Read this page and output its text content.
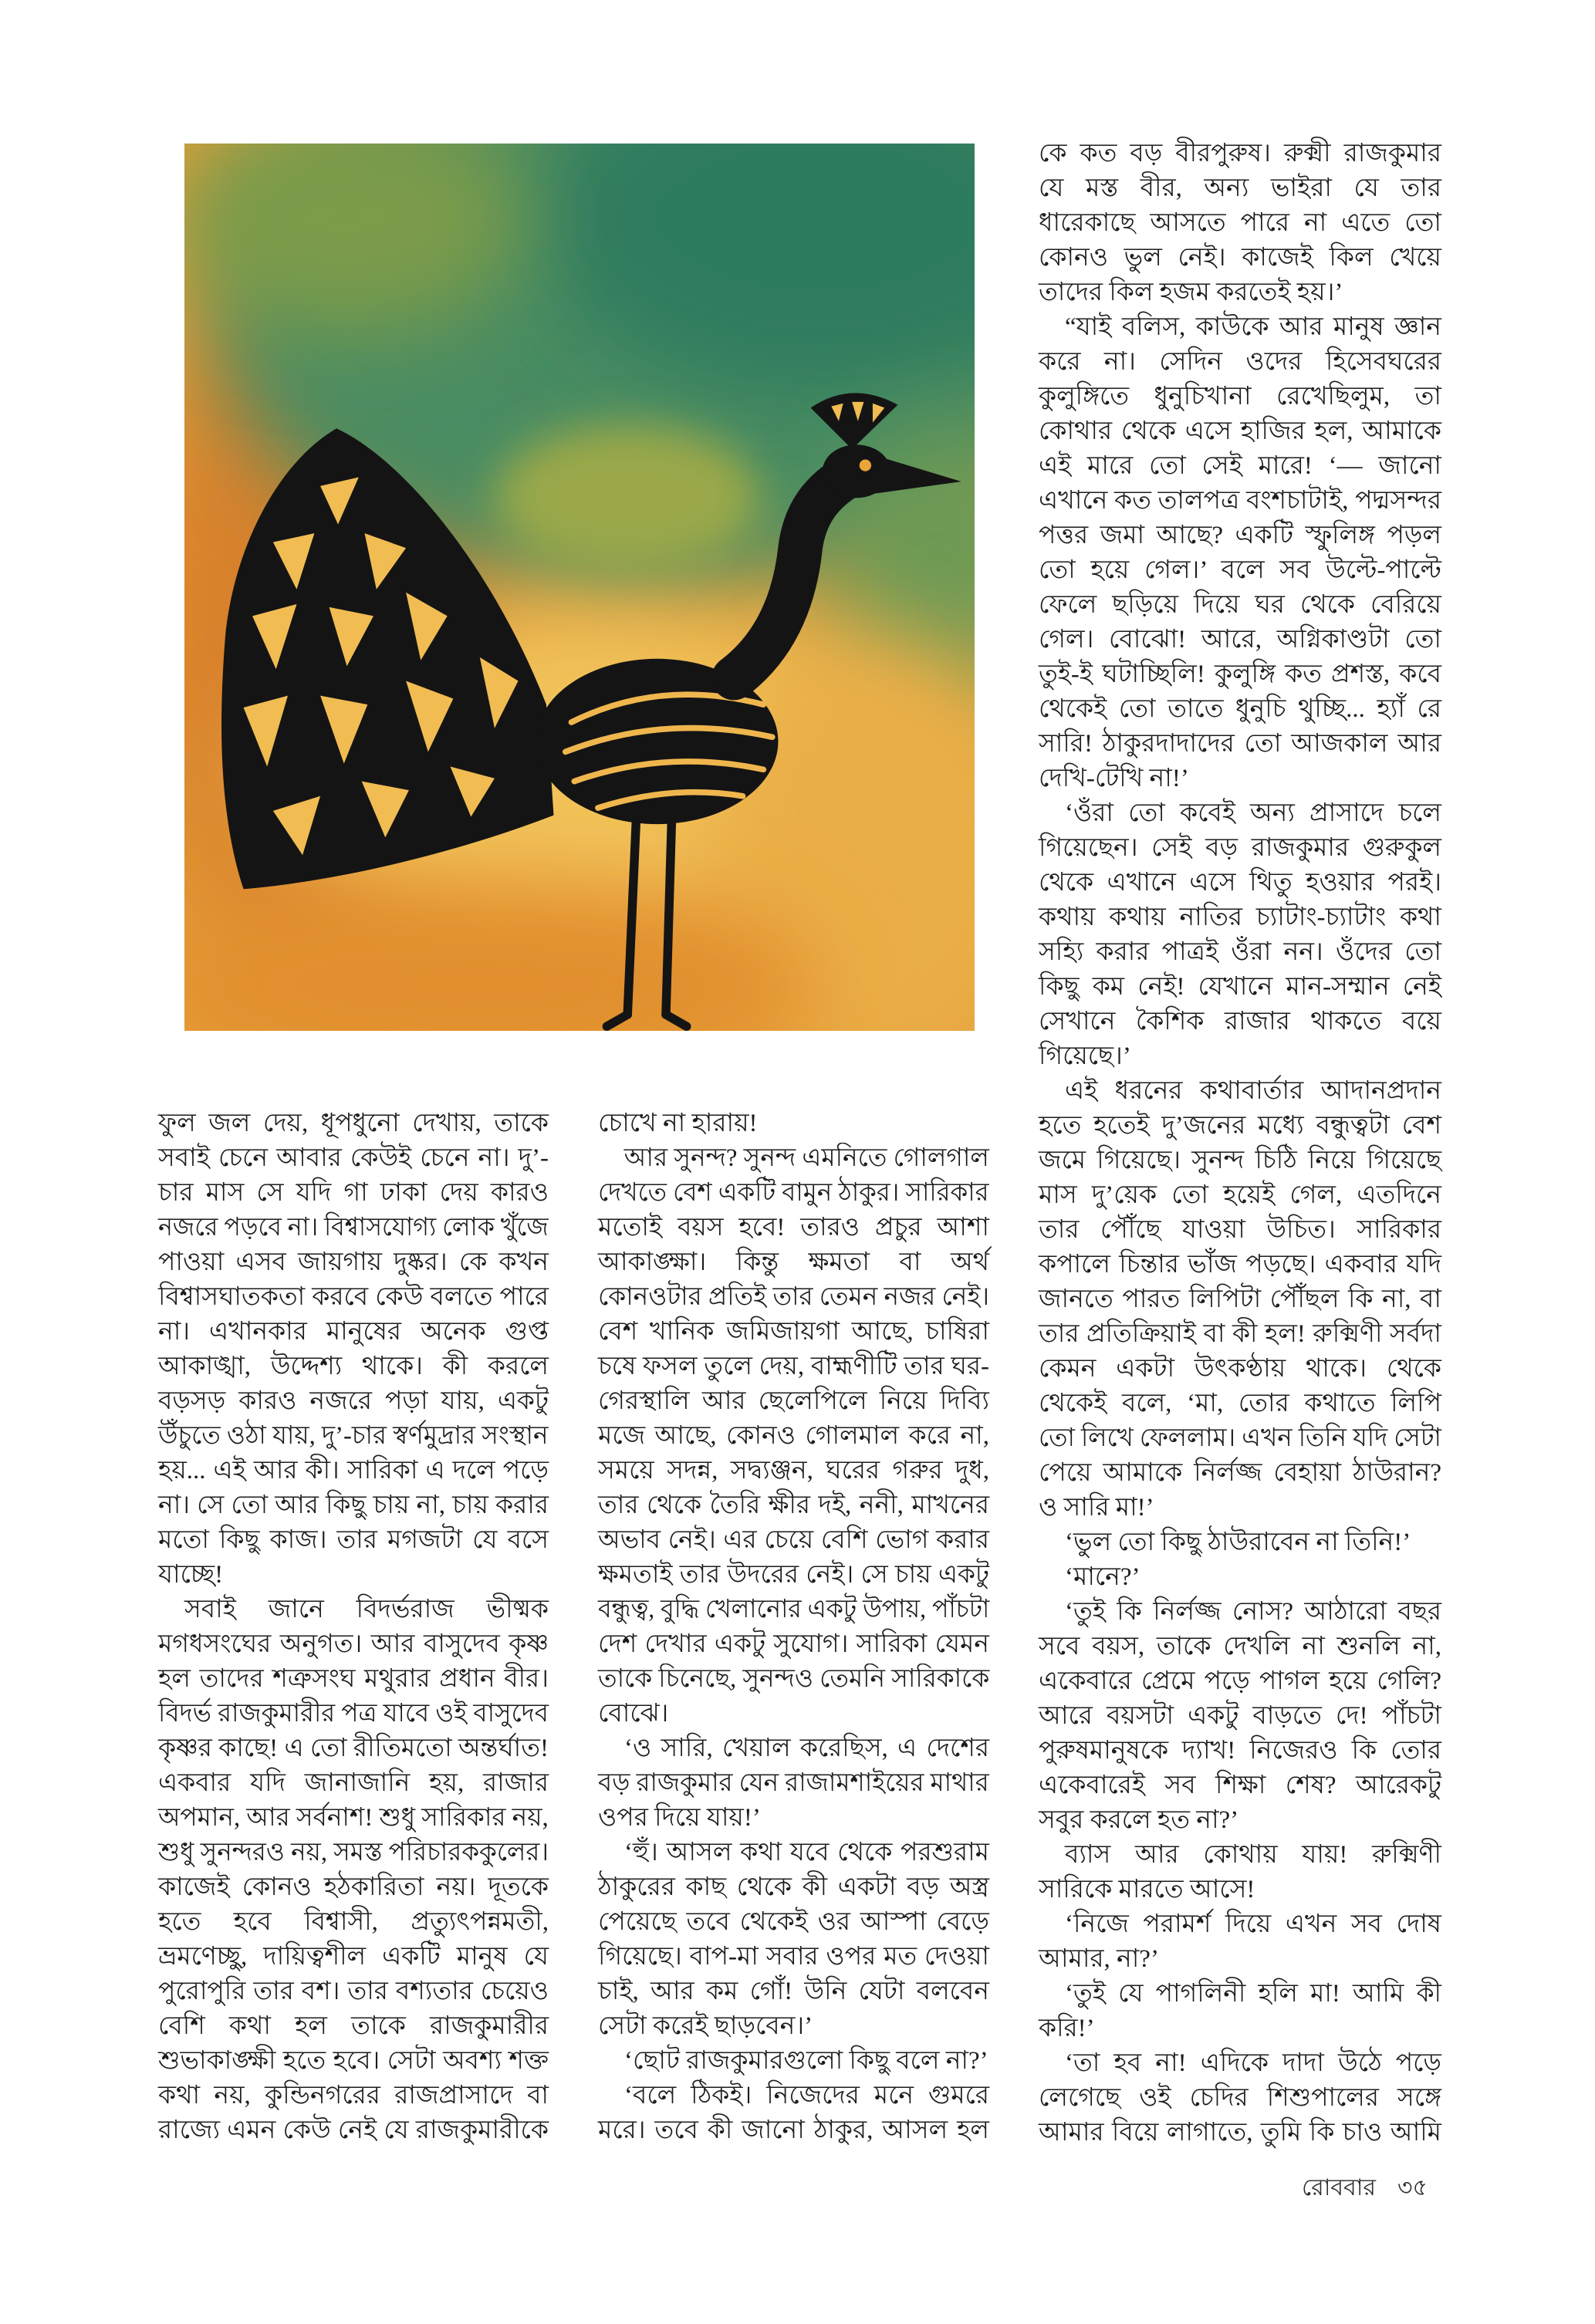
ফুল জল দেয়, ধূপধুনো দেখায়, তাকে
সবাই চেনে আবার কেউই চেনে না। দু’-
চার মাস সে যদি গা ঢাকা দেয় কারও
নজরে পড়বে না। বিশ্বাসযোগ্য লোক খুঁজে
পাওয়া এসব জায়গায় দুষ্কর। কে কখন
বিশ্বাসঘাতকতা করবে কেউ বলতে পারে
না। এখানকার মানুষের অনেক গুপ্ত
আকাঙ্খা, উদ্দেশ্য থাকে। কী করলে
বড়সড় কারও নজরে পড়া যায়, একটু
উঁচুতে ওঠা যায়, দু’-চার স্বর্ণমুদ্রার সংস্থান
হয়... এই আর কী। সারিকা এ দলে পড়ে
না। সে তো আর কিছু চায় না, চায় করার
মতো কিছু কাজ। তার মগজটা যে বসে
যাচ্ছে!
সবাই জানে বিদর্ভরাজ ভীষ্মক
মগধসংঘের অনুগত। আর বাসুদেব কৃষ্ণ
হল তাদের শত্রুসংঘ মথুরার প্রধান বীর।
বিদর্ভ রাজকুমারীর পত্র যাবে ওই বাসুদেব
কৃষ্ণর কাছে! এ তো রীতিমতো অন্তর্ঘাত!
একবার যদি জানাজানি হয়, রাজার
অপমান, আর সর্বনাশ! শুধু সারিকার নয়,
শুধু সুনন্দরও নয়, সমস্ত পরিচারককুলের।
কাজেই কোনও হঠকারিতা নয়। দূতকে
হতে হবে বিশ্বাসী, প্রত্যুৎপন্নমতী,
ভ্রমণেচ্ছু, দায়িত্বশীল একটি মানুষ যে
পুরোপুরি তার বশ। তার বশ্যতার চেয়েও
বেশি কথা হল তাকে রাজকুমারীর
শুভাকাঙ্ক্ষী হতে হবে। সেটা অবশ্য শক্ত
কথা নয়, কুন্ডিনগরের রাজপ্রাসাদে বা
রাজ্যে এমন কেউ নেই যে রাজকুমারীকে
চোখে না হারায়!
আর সুনন্দ? সুনন্দ এমনিতে গোলগাল
দেখতে বেশ একটি বামুন ঠাকুর। সারিকার
মতোই বয়স হবে! তারও প্রচুর আশা
আকাঙ্ক্ষা। কিন্তু ক্ষমতা বা অর্থ
কোনওটার প্রতিই তার তেমন নজর নেই।
বেশ খানিক জমিজায়গা আছে, চাষিরা
চষে ফসল তুলে দেয়, বাহ্মণীটি তার ঘর-
গেরস্থালি আর ছেলেপিলে নিয়ে দিব্যি
মজে আছে, কোনও গোলমাল করে না,
সময়ে সদন্ন, সদ্ব্যঞ্জন, ঘরের গরুর দুধ,
তার থেকে তৈরি ক্ষীর দই, ননী, মাখনের
অভাব নেই। এর চেয়ে বেশি ভোগ করার
ক্ষমতাই তার উদরের নেই। সে চায় একটু
বন্ধুত্ব, বুদ্ধি খেলানোর একটু উপায়, পাঁচটা
দেশ দেখার একটু সুযোগ। সারিকা যেমন
তাকে চিনেছে, সুনন্দও তেমনি সারিকাকে
বোঝে।
‘ও সারি, খেয়াল করেছিস, এ দেশের
বড় রাজকুমার যেন রাজামশাইয়ের মাথার
ওপর দিয়ে যায়!’
‘হুঁ। আসল কথা যবে থেকে পরশুরাম
ঠাকুরের কাছ থেকে কী একটা বড় অস্ত্র
পেয়েছে তবে থেকেই ওর আস্পা বেড়ে
গিয়েছে। বাপ-মা সবার ওপর মত দেওয়া
চাই, আর কম গোঁ! উনি যেটা বলবেন
সেটা করেই ছাড়বেন।’
‘ছোট রাজকুমারগুলো কিছু বলে না?’
‘বলে ঠিকই। নিজেদের মনে গুমরে
মরে। তবে কী জানো ঠাকুর, আসল হল
কে কত বড় বীরপুরুষ। রুক্মী রাজকুমার
যে মস্ত বীর, অন্য ভাইরা যে তার
ধারেকাছে আসতে পারে না এতে তো
কোনও ভুল নেই। কাজেই কিল খেয়ে
তাদের কিল হজম করতেই হয়।’
“যাই বলিস, কাউকে আর মানুষ জ্ঞান
করে না। সেদিন ওদের হিসেবঘরের
কুলুঙ্গিতে ধুনুচিখানা রেখেছিলুম, তা
কোথার থেকে এসে হাজির হল, আমাকে
এই মারে তো সেই মারে! ‘— জানো
এখানে কত তালপত্র বংশচাটাই, পদ্মসন্দর
পত্তর জমা আছে? একটি স্ফুলিঙ্গ পড়ল
তো হয়ে গেল।’ বলে সব উল্টে-পাল্টে
ফেলে ছড়িয়ে দিয়ে ঘর থেকে বেরিয়ে
গেল। বোঝো! আরে, অগ্নিকাণ্ডটা তো
তুই-ই ঘটাচ্ছিলি! কুলুঙ্গি কত প্রশস্ত, কবে
থেকেই তো তাতে ধুনুচি থুচ্ছি... হ্যাঁ রে
সারি! ঠাকুরদাদাদের তো আজকাল আর
দেখি-টেখি না!’
‘ওঁরা তো কবেই অন্য প্রাসাদে চলে
গিয়েছেন। সেই বড় রাজকুমার গুরুকুল
থেকে এখানে এসে থিতু হওয়ার পরই।
কথায় কথায় নাতির চ্যাটাং-চ্যাটাং কথা
সহ্যি করার পাত্রই ওঁরা নন। ওঁদের তো
কিছু কম নেই! যেখানে মান-সম্মান নেই
সেখানে কৈশিক রাজার থাকতে বয়ে
গিয়েছে।’
এই ধরনের কথাবার্তার আদানপ্রদান
হতে হতেই দু’জনের মধ্যে বন্ধুত্বটা বেশ
জমে গিয়েছে। সুনন্দ চিঠি নিয়ে গিয়েছে
মাস দু’য়েক তো হয়েই গেল, এতদিনে
তার পৌঁছে যাওয়া উচিত। সারিকার
কপালে চিন্তার ভাঁজ পড়ছে। একবার যদি
জানতে পারত লিপিটা পৌঁছল কি না, বা
তার প্রতিক্রিয়াই বা কী হল! রুক্মিণী সর্বদা
কেমন একটা উৎকণ্ঠায় থাকে। থেকে
থেকেই বলে, ‘মা, তোর কথাতে লিপি
তো লিখে ফেললাম। এখন তিনি যদি সেটা
পেয়ে আমাকে নির্লজ্জ বেহায়া ঠাউরান?
ও সারি মা!’
‘ভুল তো কিছু ঠাউরাবেন না তিনি!’
‘মানে?’
‘তুই কি নির্লজ্জ নোস? আঠারো বছর
সবে বয়স, তাকে দেখলি না শুনলি না,
একেবারে প্রেমে পড়ে পাগল হয়ে গেলি?
আরে বয়সটা একটু বাড়তে দে! পাঁচটা
পুরুষমানুষকে দ্যাখ! নিজেরও কি তোর
একেবারেই সব শিক্ষা শেষ? আরেকটু
সবুর করলে হত না?’
ব্যাস আর কোথায় যায়! রুক্মিণী
সারিকে মারতে আসে!
‘নিজে পরামর্শ দিয়ে এখন সব দোষ
আমার, না?’
‘তুই যে পাগলিনী হলি মা! আমি কী
করি!’
‘তা হব না! এদিকে দাদা উঠে পড়ে
লেগেছে ওই চেদির শিশুপালের সঙ্গে
আমার বিয়ে লাগাতে, তুমি কি চাও আমি
রোববার ৩৫
